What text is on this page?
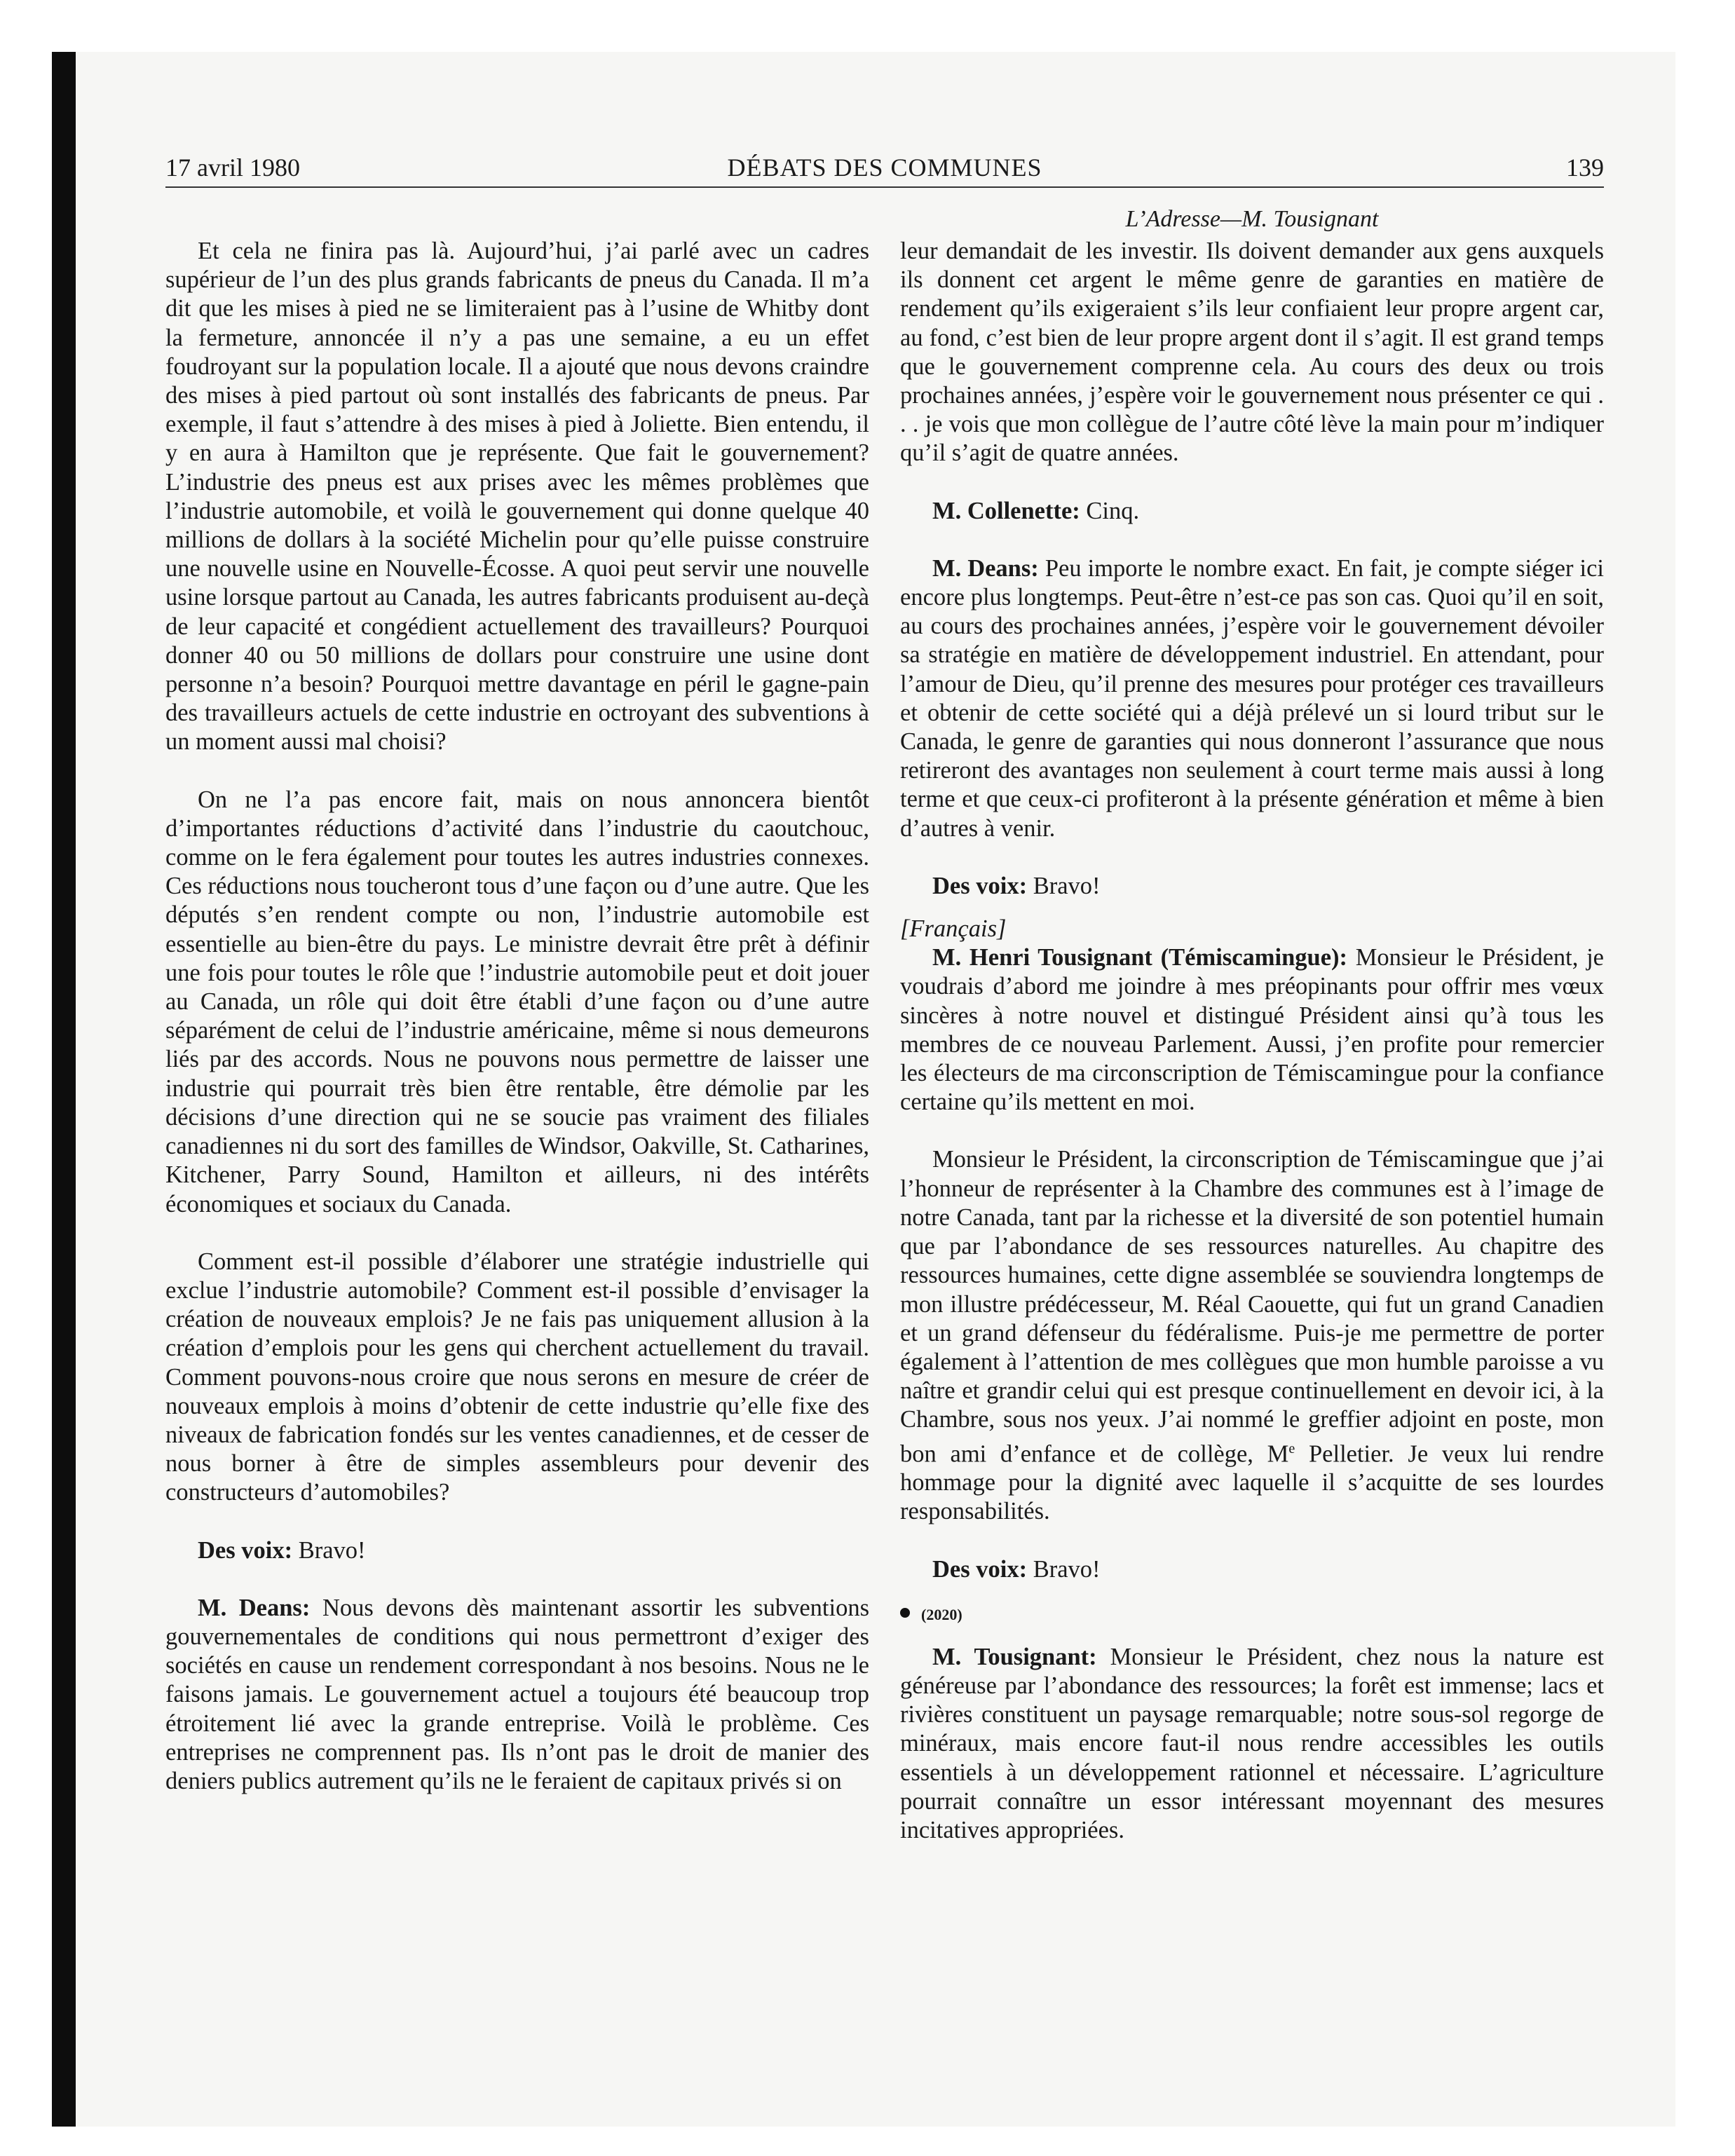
17 avril 1980	DÉBATS DES COMMUNES	139

Et cela ne finira pas là. Aujourd’hui, j’ai parlé avec un cadres supérieur de l’un des plus grands fabricants de pneus du Canada. Il m’a dit que les mises à pied ne se limiteraient pas à l’usine de Whitby dont la fermeture, annoncée il n’y a pas une semaine, a eu un effet foudroyant sur la population locale. Il a ajouté que nous devons craindre des mises à pied partout où sont installés des fabricants de pneus. Par exemple, il faut s’attendre à des mises à pied à Joliette. Bien entendu, il y en aura à Hamilton que je représente. Que fait le gouvernement? L’industrie des pneus est aux prises avec les mêmes problèmes que l’industrie automobile, et voilà le gouvernement qui donne quelque 40 millions de dollars à la société Michelin pour qu’elle puisse construire une nouvelle usine en Nouvelle-Écosse. A quoi peut servir une nouvelle usine lorsque partout au Canada, les autres fabricants produisent au-deçà de leur capacité et congédient actuellement des travailleurs? Pourquoi donner 40 ou 50 millions de dollars pour construire une usine dont personne n’a besoin? Pourquoi mettre davantage en péril le gagne-pain des travailleurs actuels de cette industrie en octroyant des subventions à un moment aussi mal choisi?

On ne l’a pas encore fait, mais on nous annoncera bientôt d’importantes réductions d’activité dans l’industrie du caoutchouc, comme on le fera également pour toutes les autres industries connexes. Ces réductions nous toucheront tous d’une façon ou d’une autre. Que les députés s’en rendent compte ou non, l’industrie automobile est essentielle au bien-être du pays. Le ministre devrait être prêt à définir une fois pour toutes le rôle que !’industrie automobile peut et doit jouer au Canada, un rôle qui doit être établi d’une façon ou d’une autre séparément de celui de l’industrie américaine, même si nous demeurons liés par des accords. Nous ne pouvons nous permettre de laisser une industrie qui pourrait très bien être rentable, être démolie par les décisions d’une direction qui ne se soucie pas vraiment des filiales canadiennes ni du sort des familles de Windsor, Oakville, St. Catharines, Kitchener, Parry Sound, Hamilton et ailleurs, ni des intérêts économiques et sociaux du Canada.

Comment est-il possible d’élaborer une stratégie industrielle qui exclue l’industrie automobile? Comment est-il possible d’envisager la création de nouveaux emplois? Je ne fais pas uniquement allusion à la création d’emplois pour les gens qui cherchent actuellement du travail. Comment pouvons-nous croire que nous serons en mesure de créer de nouveaux emplois à moins d’obtenir de cette industrie qu’elle fixe des niveaux de fabrication fondés sur les ventes canadiennes, et de cesser de nous borner à être de simples assembleurs pour devenir des constructeurs d’automobiles?

Des voix: Bravo!

M. Deans: Nous devons dès maintenant assortir les subventions gouvernementales de conditions qui nous permettront d’exiger des sociétés en cause un rendement correspondant à nos besoins. Nous ne le faisons jamais. Le gouvernement actuel a toujours été beaucoup trop étroitement lié avec la grande entreprise. Voilà le problème. Ces entreprises ne comprennent pas. Ils n’ont pas le droit de manier des deniers publics autrement qu’ils ne le feraient de capitaux privés si on

L’Adresse—M. Tousignant

leur demandait de les investir. Ils doivent demander aux gens auxquels ils donnent cet argent le même genre de garanties en matière de rendement qu’ils exigeraient s’ils leur confiaient leur propre argent car, au fond, c’est bien de leur propre argent dont il s’agit. Il est grand temps que le gouvernement comprenne cela. Au cours des deux ou trois prochaines années, j’espère voir le gouvernement nous présenter ce qui . . . je vois que mon collègue de l’autre côté lève la main pour m’indiquer qu’il s’agit de quatre années.

M. Collenette: Cinq.

M. Deans: Peu importe le nombre exact. En fait, je compte siéger ici encore plus longtemps. Peut-être n’est-ce pas son cas. Quoi qu’il en soit, au cours des prochaines années, j’espère voir le gouvernement dévoiler sa stratégie en matière de développement industriel. En attendant, pour l’amour de Dieu, qu’il prenne des mesures pour protéger ces travailleurs et obtenir de cette société qui a déjà prélevé un si lourd tribut sur le Canada, le genre de garanties qui nous donneront l’assurance que nous retireront des avantages non seulement à court terme mais aussi à long terme et que ceux-ci profiteront à la présente génération et même à bien d’autres à venir.

Des voix: Bravo!

[Français]

M. Henri Tousignant (Témiscamingue): Monsieur le Président, je voudrais d’abord me joindre à mes préopinants pour offrir mes vœux sincères à notre nouvel et distingué Président ainsi qu’à tous les membres de ce nouveau Parlement. Aussi, j’en profite pour remercier les électeurs de ma circonscription de Témiscamingue pour la confiance certaine qu’ils mettent en moi.

Monsieur le Président, la circonscription de Témiscamingue que j’ai l’honneur de représenter à la Chambre des communes est à l’image de notre Canada, tant par la richesse et la diversité de son potentiel humain que par l’abondance de ses ressources naturelles. Au chapitre des ressources humaines, cette digne assemblée se souviendra longtemps de mon illustre prédécesseur, M. Réal Caouette, qui fut un grand Canadien et un grand défenseur du fédéralisme. Puis-je me permettre de porter également à l’attention de mes collègues que mon humble paroisse a vu naître et grandir celui qui est presque continuellement en devoir ici, à la Chambre, sous nos yeux. J’ai nommé le greffier adjoint en poste, mon bon ami d’enfance et de collège, Me Pelletier. Je veux lui rendre hommage pour la dignité avec laquelle il s’acquitte de ses lourdes responsabilités.

Des voix: Bravo!

(2020)

M. Tousignant: Monsieur le Président, chez nous la nature est généreuse par l’abondance des ressources; la forêt est immense; lacs et rivières constituent un paysage remarquable; notre sous-sol regorge de minéraux, mais encore faut-il nous rendre accessibles les outils essentiels à un développement rationnel et nécessaire. L’agriculture pourrait connaître un essor intéressant moyennant des mesures incitatives appropriées.
